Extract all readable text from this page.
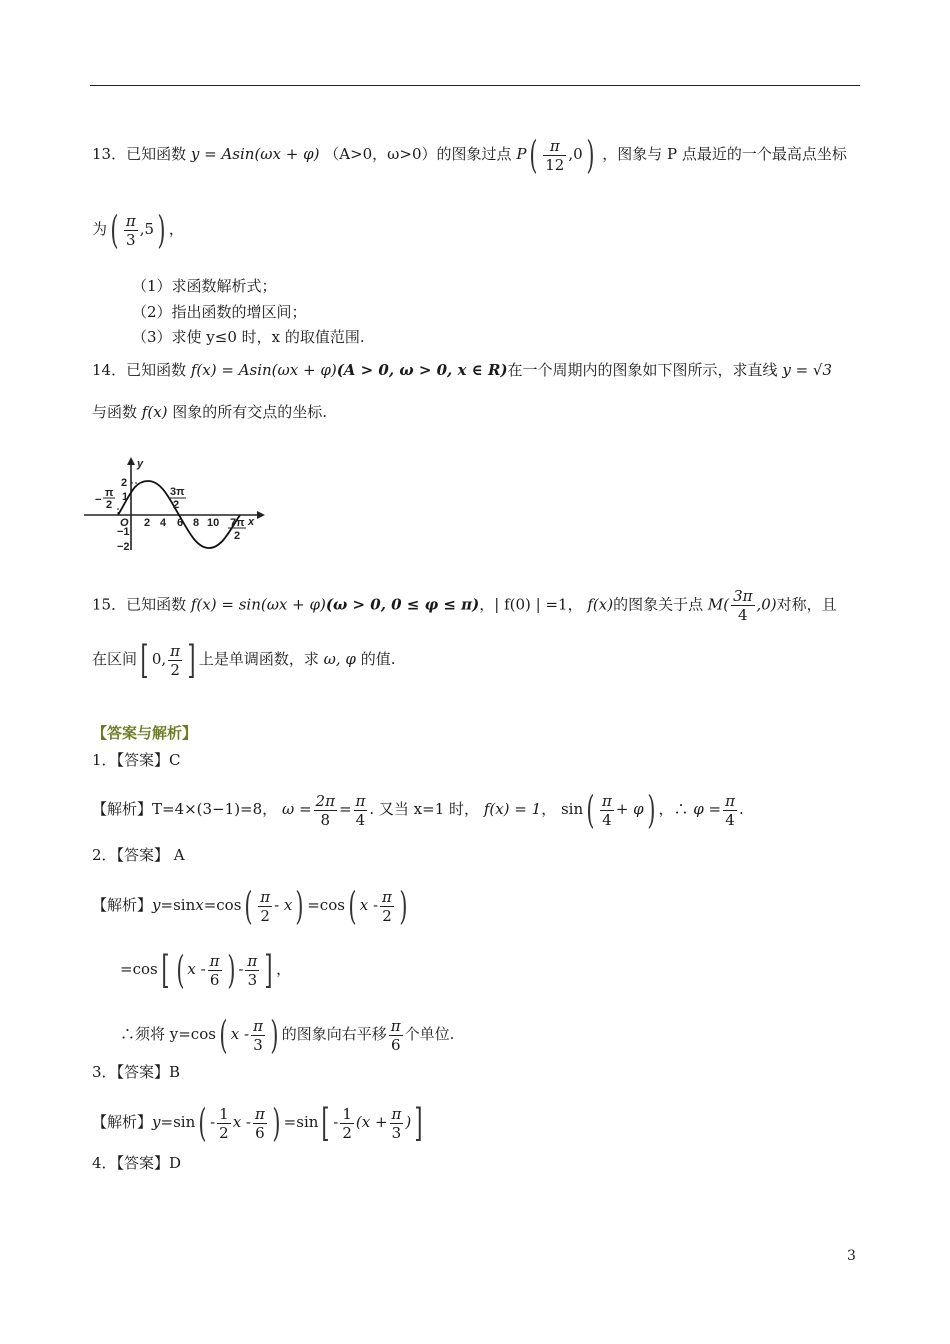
13．已知函数 y = Asin(ωx + φ) （A>0，ω>0）的图象过点 $P( \frac{\pi}{12} ,0)$ ，图象与 P 点最近的一个最高点坐标
为( $\frac{\pi}{3} ,5$) ，
（1）求函数解析式；
（2）指出函数的增区间；
（3）求使 y≤0 时，x 的取值范围.
14．已知函数 f(x) = Asin(ωx + φ)(A > 0, ω > 0, x ∈ R)在一个周期内的图象如下图所示，求直线 y = √3
与函数 f(x) 图象的所有交点的坐标.
y
x
O
2
1
−1
−2
2 4 6 8 10
−
π
2
3π
2
7π
2
15．已知函数 f(x) = sin(ωx + φ)(ω > 0, 0 ≤ φ ≤ π)，| f(0) | =1， f(x)的图象关于点 $M( \frac{3\pi}{4} ,0)$对称，且
在区间[ 0, $\frac{\pi}{2}$ ] 上是单调函数，求 ω, φ 的值.
【答案与解析】
1．【答案】C
【解析】T=4×(3−1)=8， $\omega = \frac{2\pi}{8} = \frac{\pi}{4}$ . 又当 x=1 时， f(x) = 1， $\sin( \frac{\pi}{4} + \varphi)$ ，∴ $\varphi = \frac{\pi}{4}$ .
2．【答案】 A
【解析】$y=\sin x=\cos( \frac{\pi}{2} - x) =\cos$( x - $\frac{\pi}{2}$ )
=cos[ ( x - $\frac{\pi}{6}$ ) - $\frac{\pi}{3}$ ] ，
∴须将 y=cos( x - $\frac{\pi}{3}$ ) 的图象向右平移 $\frac{\pi}{6}$ 个单位.
3．【答案】B
【解析】$y=\sin( - \frac{1}{2}$ x - $\frac{\pi}{6}$ ) $=\sin[ - \frac{1}{2} (x + \frac{\pi}{3}$ )]
4．【答案】D
3
